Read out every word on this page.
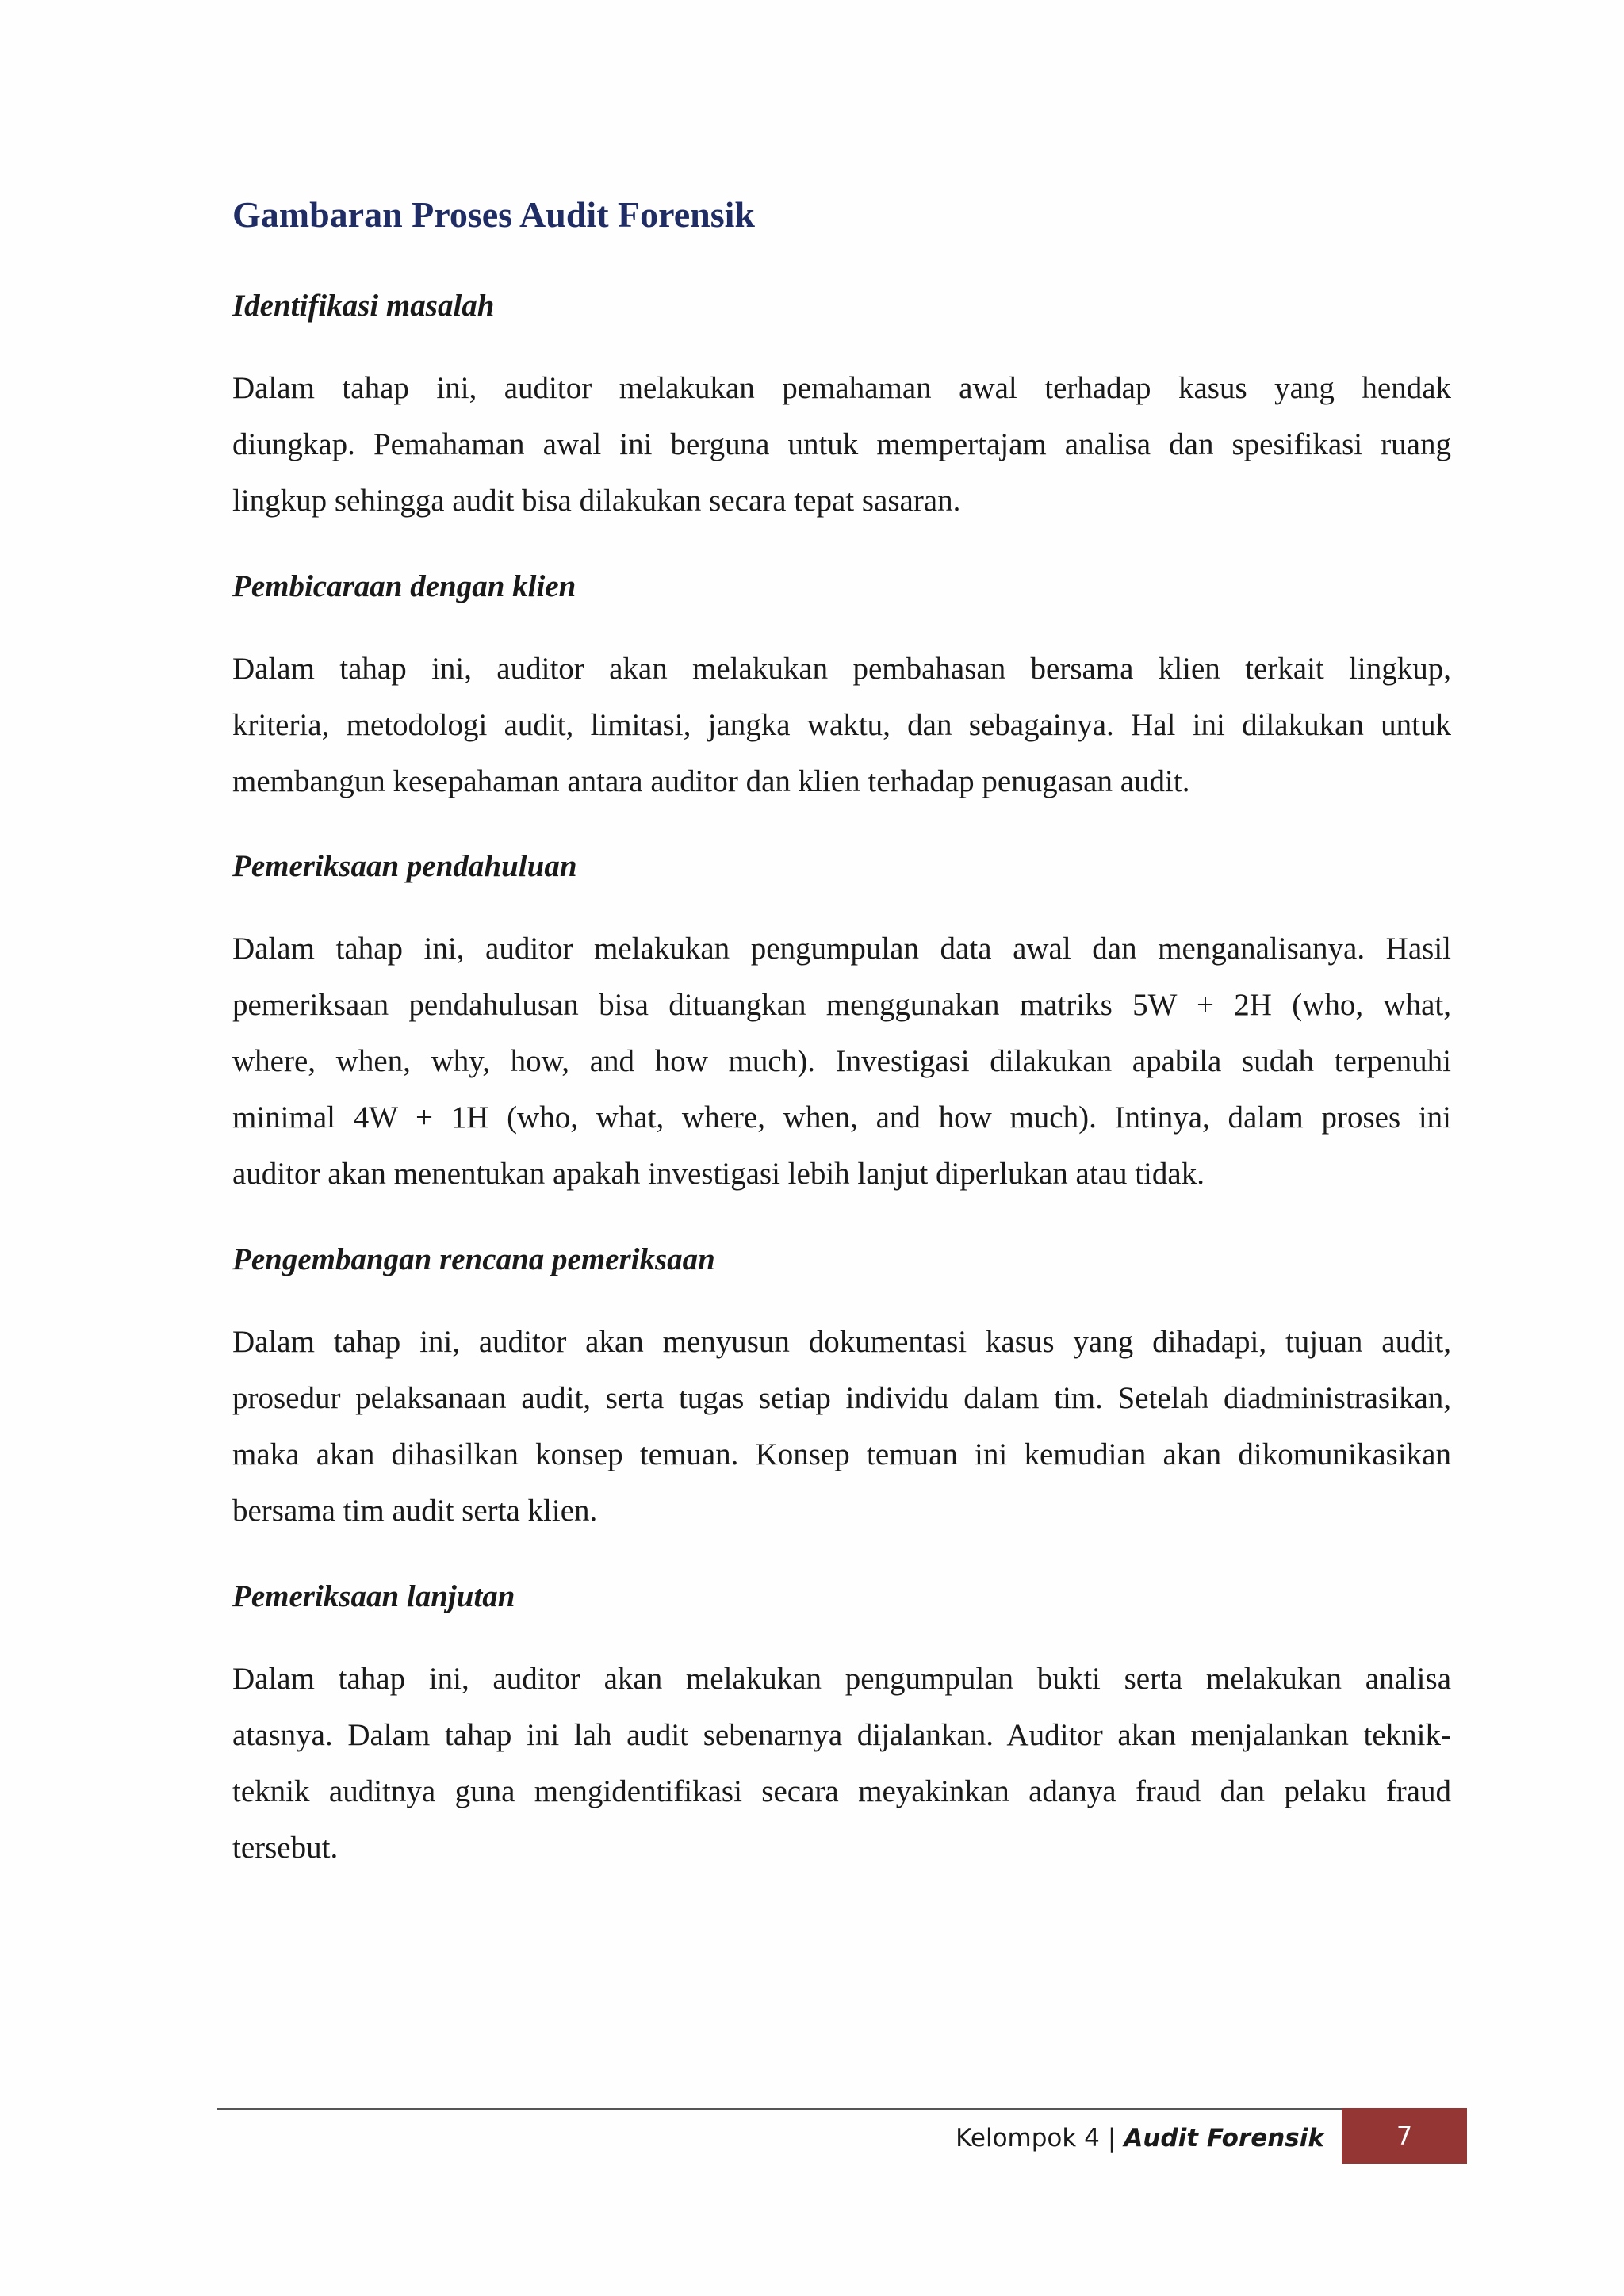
Gambaran Proses Audit Forensik
Identifikasi masalah

Dalam tahap ini, auditor melakukan pemahaman awal terhadap kasus yang hendak
diungkap. Pemahaman awal ini berguna untuk mempertajam analisa dan spesifikasi ruang
lingkup sehingga audit bisa dilakukan secara tepat sasaran.

Pembicaraan dengan klien

Dalam tahap ini, auditor akan melakukan pembahasan bersama klien terkait lingkup,
kriteria, metodologi audit, limitasi, jangka waktu, dan sebagainya. Hal ini dilakukan untuk
membangun kesepahaman antara auditor dan klien terhadap penugasan audit.

Pemeriksaan pendahuluan

Dalam tahap ini, auditor melakukan pengumpulan data awal dan menganalisanya. Hasil
pemeriksaan pendahulusan bisa dituangkan menggunakan matriks 5W + 2H (who, what,
where, when, why, how, and how much). Investigasi dilakukan apabila sudah terpenuhi
minimal 4W + 1H (who, what, where, when, and how much). Intinya, dalam proses ini
auditor akan menentukan apakah investigasi lebih lanjut diperlukan atau tidak.

Pengembangan rencana pemeriksaan

Dalam tahap ini, auditor akan menyusun dokumentasi kasus yang dihadapi, tujuan audit,
prosedur pelaksanaan audit, serta tugas setiap individu dalam tim. Setelah diadministrasikan,
maka akan dihasilkan konsep temuan. Konsep temuan ini kemudian akan dikomunikasikan
bersama tim audit serta klien.

Pemeriksaan lanjutan

Dalam tahap ini, auditor akan melakukan pengumpulan bukti serta melakukan analisa
atasnya. Dalam tahap ini lah audit sebenarnya dijalankan. Auditor akan menjalankan teknik-
teknik auditnya guna mengidentifikasi secara meyakinkan adanya fraud dan pelaku fraud
tersebut.

Kelompok 4 | Audit Forensik	7
